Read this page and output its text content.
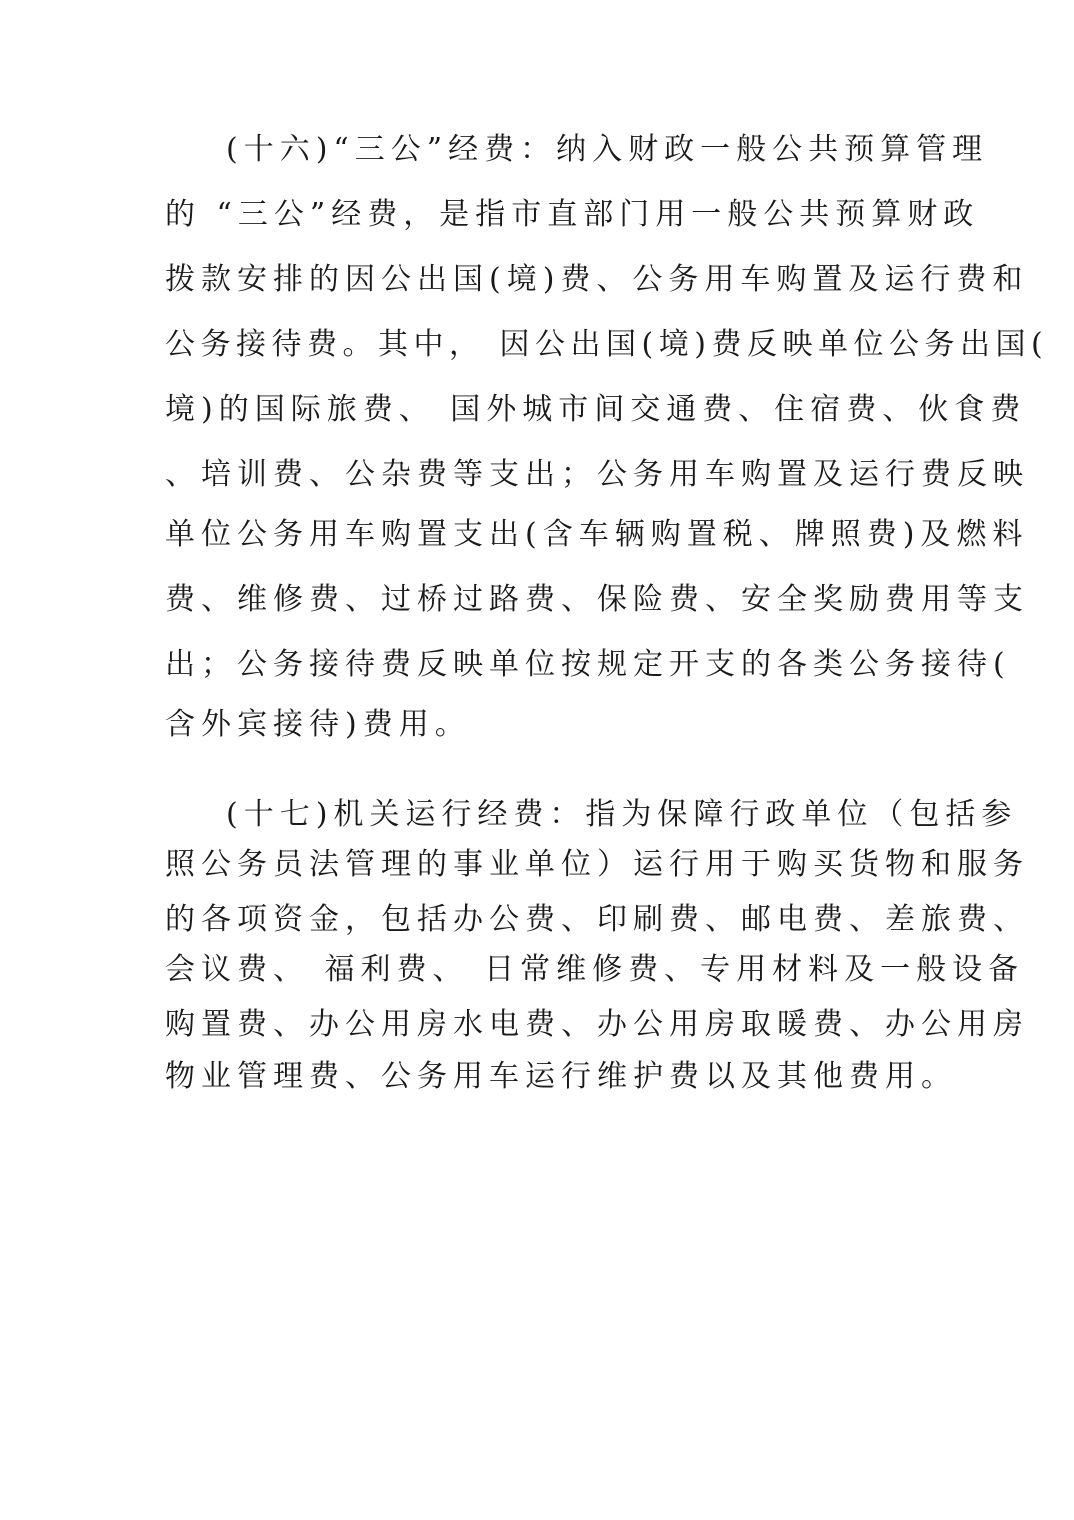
(十六)“三公”经费：纳入财政一般公共预算管理
的 “三公”经费，是指市直部门用一般公共预算财政
拨款安排的因公出国(境)费、公务用车购置及运行费和
公务接待费。其中， 因公出国(境)费反映单位公务出国(
境)的国际旅费、 国外城市间交通费、住宿费、伙食费
、培训费、公杂费等支出；公务用车购置及运行费反映
单位公务用车购置支出(含车辆购置税、牌照费)及燃料
费、维修费、过桥过路费、保险费、安全奖励费用等支
出；公务接待费反映单位按规定开支的各类公务接待(
含外宾接待)费用。
(十七)机关运行经费：指为保障行政单位（包括参
照公务员法管理的事业单位）运行用于购买货物和服务
的各项资金，包括办公费、印刷费、邮电费、差旅费、
会议费、 福利费、 日常维修费、专用材料及一般设备
购置费、办公用房水电费、办公用房取暖费、办公用房
物业管理费、公务用车运行维护费以及其他费用。
